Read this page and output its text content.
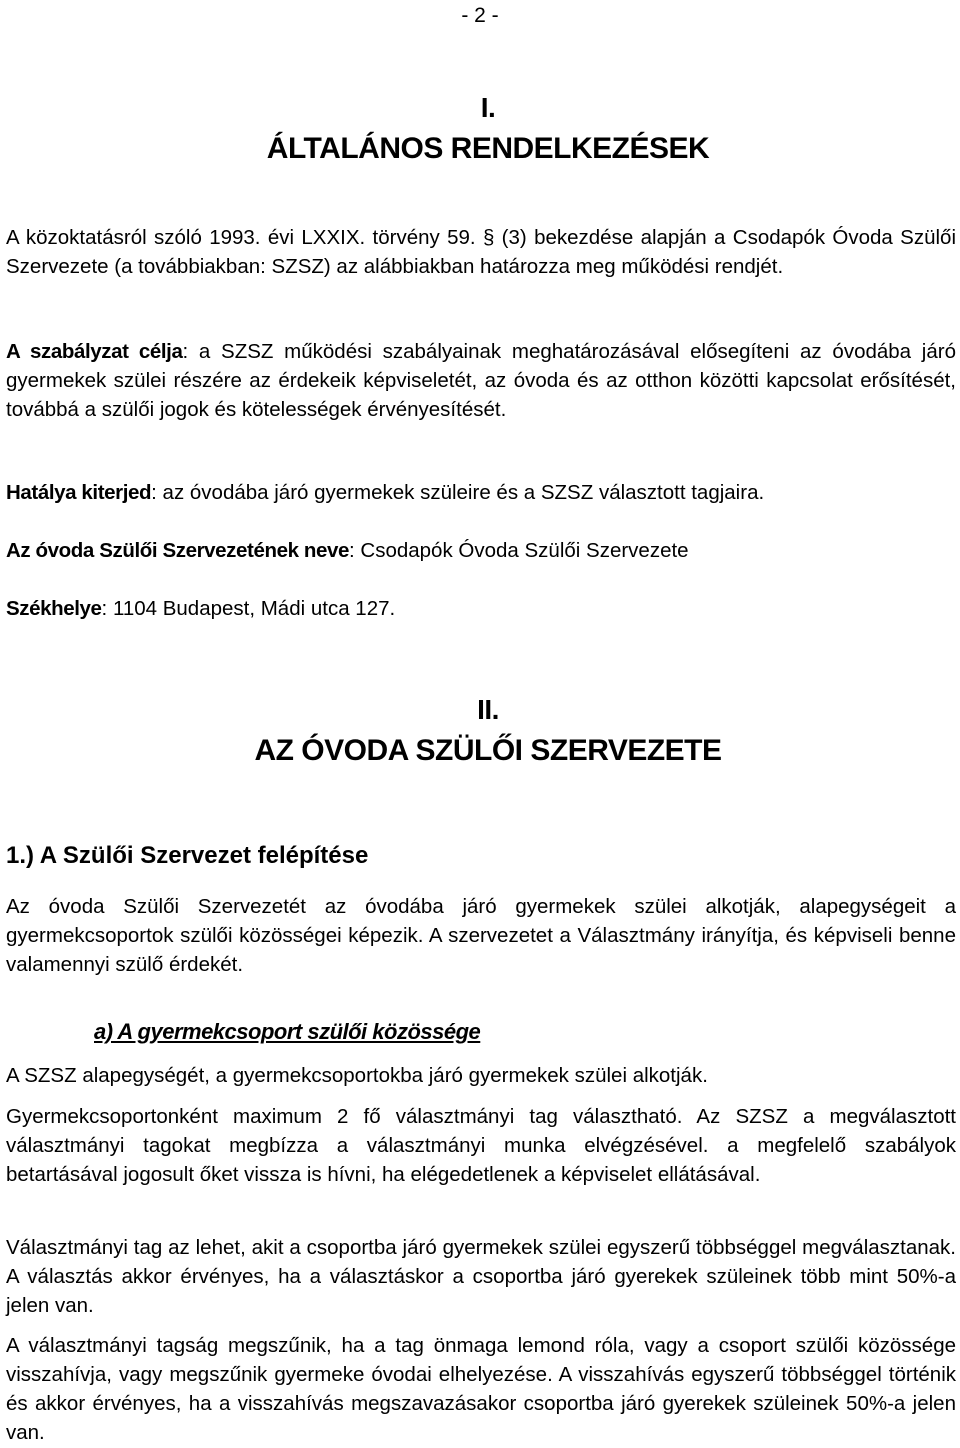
- 2 -
I.
ÁLTALÁNOS RENDELKEZÉSEK
A közoktatásról szóló 1993. évi LXXIX. törvény 59. § (3) bekezdése alapján a Csodapók Óvoda Szülői Szervezete (a továbbiakban: SZSZ) az alábbiakban határozza meg működési rendjét.
A szabályzat célja: a SZSZ működési szabályainak meghatározásával elősegíteni az óvodába járó gyermekek szülei részére az érdekeik képviseletét, az óvoda és az otthon közötti kapcsolat erősítését, továbbá a szülői jogok és kötelességek érvényesítését.
Hatálya kiterjed: az óvodába járó gyermekek szüleire és a SZSZ választott tagjaira.
Az óvoda Szülői Szervezetének neve: Csodapók Óvoda Szülői Szervezete
Székhelye: 1104 Budapest, Mádi utca 127.
II.
AZ ÓVODA SZÜLŐI SZERVEZETE
1.) A Szülői Szervezet felépítése
Az óvoda Szülői Szervezetét az óvodába járó gyermekek szülei alkotják, alapegységeit a gyermekcsoportok szülői közösségei képezik. A szervezetet a Választmány irányítja, és képviseli benne valamennyi szülő érdekét.
a) A gyermekcsoport szülői közössége
A SZSZ alapegységét, a gyermekcsoportokba járó gyermekek szülei alkotják.
Gyermekcsoportonként maximum 2 fő választmányi tag választható. Az SZSZ a megválasztott választmányi tagokat megbízza a választmányi munka elvégzésével. a megfelelő szabályok betartásával jogosult őket vissza is hívni, ha elégedetlenek a képviselet ellátásával.
Választmányi tag az lehet, akit a csoportba járó gyermekek szülei egyszerű többséggel megválasztanak. A választás akkor érvényes, ha a választáskor a csoportba járó gyerekek szüleinek több mint 50%-a jelen van.
A választmányi tagság megszűnik, ha a tag önmaga lemond róla, vagy a csoport szülői közössége visszahívja, vagy megszűnik gyermeke óvodai elhelyezése. A visszahívás egyszerű többséggel történik és akkor érvényes, ha a visszahívás megszavazásakor csoportba járó gyerekek szüleinek 50%-a jelen van.
